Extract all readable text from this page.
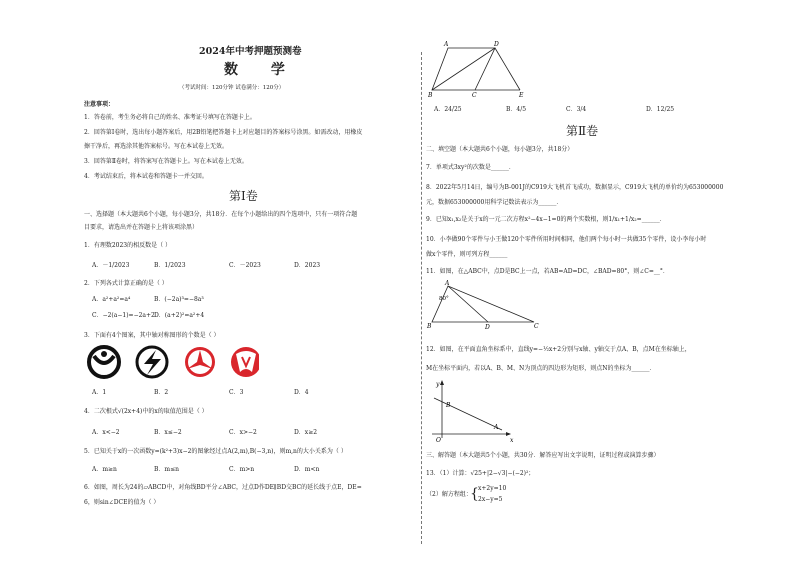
2024年中考押题预测卷
数 学
（考试时间：120分钟 试卷满分：120分）
注意事项：
1．答卷前，考生务必将自己的姓名、准考证号填写在答题卡上。
2．回答第Ⅰ卷时，选出每小题答案后，用2B铅笔把答题卡上对应题目的答案标号涂黑。如需改动，用橡皮
擦干净后，再选涂其他答案标号。写在本试卷上无效。
3．回答第Ⅱ卷时，将答案写在答题卡上。写在本试卷上无效。
4．考试结束后，将本试卷和答题卡一并交回。
第Ⅰ卷
一、选择题（本大题共6个小题，每小题3分，共18分．在每个小题给出的四个选项中，只有一项符合题
目要求，请选出并在答题卡上将该项涂黑）
1．有理数2023的相反数是（ ）
A．－1/2023	B．1/2023	C．－2023	D．2023
2．下列各式计算正确的是（ ）
A．a²+a²=a⁴	B．(−2a)³=−8a³
C．−2(a−1)=−2a+2 D．(a+2)²=a²+4
3．下面有4个图案，其中轴对称图形的个数是（ ）
A．1	B．2	C．3	D．4
4．二次根式√(2x+4)中的x的取值范围是（ ）
A．x<−2	B．x≤−2	C．x>−2	D．x≥2
5．已知关于x的一次函数y=(k²+3)x−2的图象经过点A(2,m),B(−3,n)，则m,n的大小关系为（ ）
A．m≥n	B．m≤n	C．m>n	D．m<n
6．如图，周长为24的▱ABCD中，对角线BD平分∠ABC，过点D作DE∥BD交BC的延长线于点E，DE=
6，则sin∠DCE的值为（ ）
A	D
B	C	E
A．24/25	B．4/5	C．3/4	D．12/25
第Ⅱ卷
二、填空题（本大题共6个小题，每小题3分，共18分）
7．单项式3xy²的次数是______．
8．2022年5月14日，编号为B-001J的C919大飞机首飞成功，数据显示，C919大飞机的单价约为653000000
元，数据653000000用科学记数法表示为______．
9．已知x₁,x₂是关于x的一元二次方程x²−4x−1=0的两个实数根，则1/x₁+1/x₂=______．
10．小李做90个零件与小王做120个零件所用时间相同，他们两个每小时一共做35个零件，设小李每小时
做x个零件，则可列方程______
11．如图，在△ABC中，点D是BC上一点，若AB=AD=DC，∠BAD=80°，则∠C=__°．
A
B	D	C
80°
12．如图，在平面直角坐标系中，直线y=−½x+2分别与x轴、y轴交于点A、B，点M在坐标轴上，
M在坐标平面内，若以A、B、M、N为顶点的四边形为矩形，则点N的坐标为______．
y
B
O
A
x
三、解答题（本大题共5个小题，共30分．解答应写出文字说明，证明过程或演算步骤）
13．（1）计算：√25+|2−√3|−(−2)²；
（2）解方程组：
{ x+2y=10
2x−y=5
